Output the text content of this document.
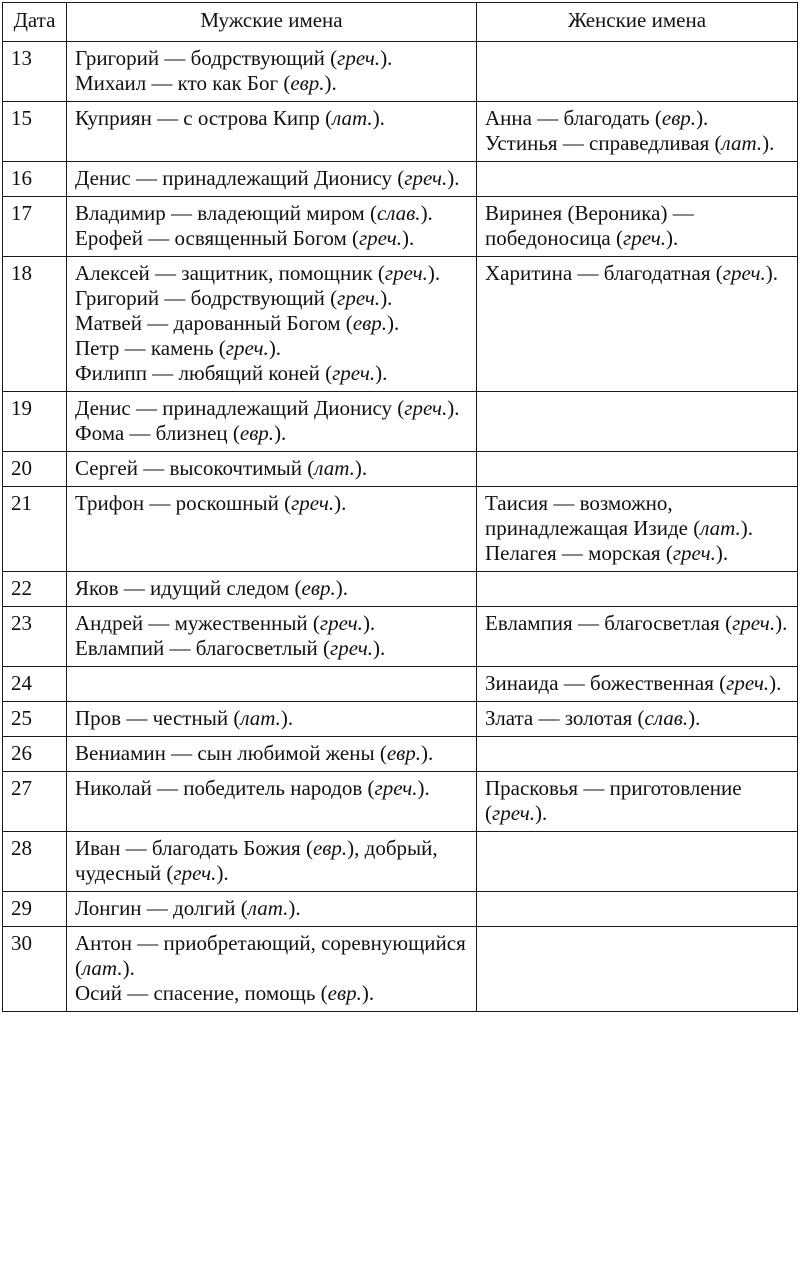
Дата	Мужские имена	Женские имена
13	Григорий — бодрствующий (греч.).
Михаил — кто как Бог (евр.).	

15	Куприян — с острова Кипр (лат.).	Анна — благодать (евр.).
Устинья — справедливая (лат.).

16	Денис — принадлежащий Дионису (греч.).	

17	Владимир — владеющий миром (слав.).
Ерофей — освященный Богом (греч.).	Виринея (Вероника) — победоносица (греч.).

18	Алексей — защитник, помощник (греч.).
Григорий — бодрствующий (греч.).
Матвей — дарованный Богом (евр.).
Петр — камень (греч.).
Филипп — любящий коней (греч.).	Харитина — благодатная (греч.).

19	Денис — принадлежащий Дионису (греч.).
Фома — близнец (евр.).	

20	Сергей — высокочтимый (лат.).	

21	Трифон — роскошный (греч.).	Таисия — возможно, принадлежащая Изиде (лат.).
Пелагея — морская (греч.).

22	Яков — идущий следом (евр.).	

23	Андрей — мужественный (греч.).
Евлампий — благосветлый (греч.).	Евлампия — благосветлая (греч.).

24		Зинаида — божественная (греч.).

25	Пров — честный (лат.).	Злата — золотая (слав.).

26	Вениамин — сын любимой жены (евр.).	

27	Николай — победитель народов (греч.).	Прасковья — приготовление (греч.).

28	Иван — благодать Божия (евр.), добрый, чудесный (греч.).	

29	Лонгин — долгий (лат.).	

30	Антон — приобретающий, соревнующийся (лат.).
Осий — спасение, помощь (евр.).	
